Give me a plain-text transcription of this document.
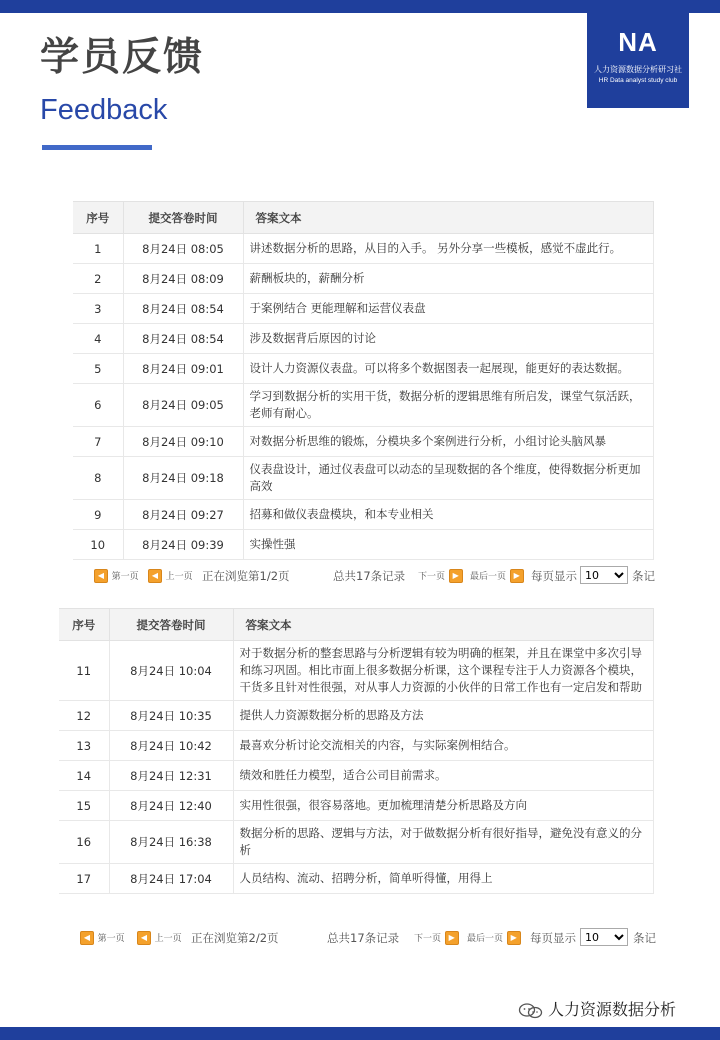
学员反馈
Feedback
NA
人力资源数据分析研习社
HR Data analyst study club
序号	提交答卷时间	答案文本
1	8月24日 08:05	讲述数据分析的思路，从目的入手。 另外分享一些模板，感觉不虚此行。
2	8月24日 08:09	薪酬板块的，薪酬分析
3	8月24日 08:54	于案例结合 更能理解和运营仪表盘
4	8月24日 08:54	涉及数据背后原因的讨论
5	8月24日 09:01	设计人力资源仪表盘。可以将多个数据图表一起展现，能更好的表达数据。
6	8月24日 09:05	学习到数据分析的实用干货，数据分析的逻辑思维有所启发，课堂气氛活跃，老师有耐心。
7	8月24日 09:10	对数据分析思维的锻炼，分模块多个案例进行分析，小组讨论头脑风暴
8	8月24日 09:18	仪表盘设计，通过仪表盘可以动态的呈现数据的各个维度，使得数据分析更加高效
9	8月24日 09:27	招募和做仪表盘模块，和本专业相关
10	8月24日 09:39	实操性强
◀ 第一页	◀ 上一页 正在浏览第1/2页	总共17条记录 下一页 ▶	最后一页 ▶ 每页显示
10	条记
序号	提交答卷时间	答案文本
11	8月24日 10:04	对于数据分析的整套思路与分析逻辑有较为明确的框架，并且在课堂中多次引导和练习巩固。相比市面上很多数据分析课，这个课程专注于人力资源各个模块，干货多且针对性很强，对从事人力资源的小伙伴的日常工作也有一定启发和帮助
12	8月24日 10:35	提供人力资源数据分析的思路及方法
13	8月24日 10:42	最喜欢分析讨论交流相关的内容，与实际案例相结合。
14	8月24日 12:31	绩效和胜任力模型，适合公司目前需求。
15	8月24日 12:40	实用性很强，很容易落地。更加梳理清楚分析思路及方向
16	8月24日 16:38	数据分析的思路、逻辑与方法，对于做数据分析有很好指导，避免没有意义的分析
17	8月24日 17:04	人员结构、流动、招聘分析，简单听得懂，用得上
◀ 第一页	◀ 上一页 正在浏览第2/2页	总共17条记录 下一页 ▶	最后一页 ▶	每页显示
10	条记
人力资源数据分析
